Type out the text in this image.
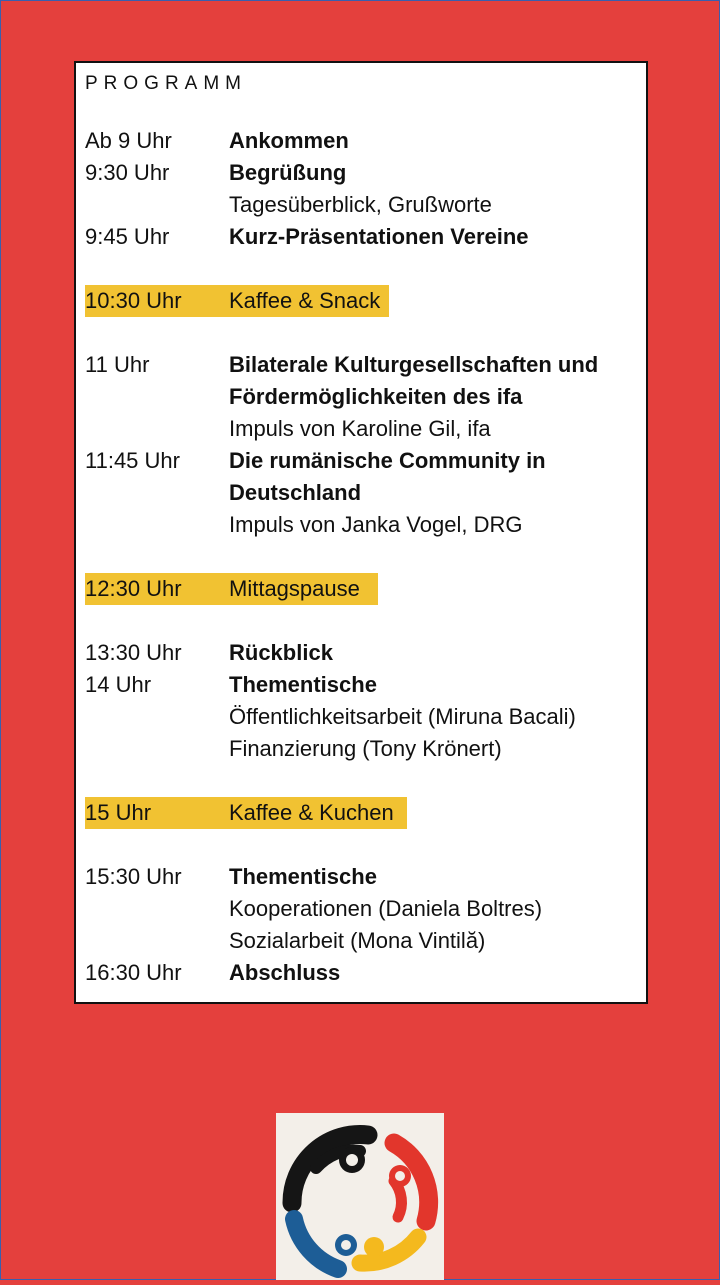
PROGRAMM
Ab 9 Uhr	Ankommen
9:30 Uhr	Begrüßung
Tagesüberblick, Grußworte
9:45 Uhr	Kurz-Präsentationen Vereine
10:30 Uhr Kaffee & Snack
11 Uhr	Bilaterale Kulturgesellschaften und
Fördermöglichkeiten des ifa
Impuls von Karoline Gil, ifa
11:45 Uhr Die rumänische Community in
Deutschland
Impuls von Janka Vogel, DRG
12:30 Uhr Mittagspause
13:30 Uhr Rückblick
14 Uhr	Thementische
Öffentlichkeitsarbeit (Miruna Bacali)
Finanzierung (Tony Krönert)
15 Uhr	Kaffee & Kuchen
15:30 Uhr Thementische
Kooperationen (Daniela Boltres)
Sozialarbeit (Mona Vintilă)
16:30 Uhr Abschluss
